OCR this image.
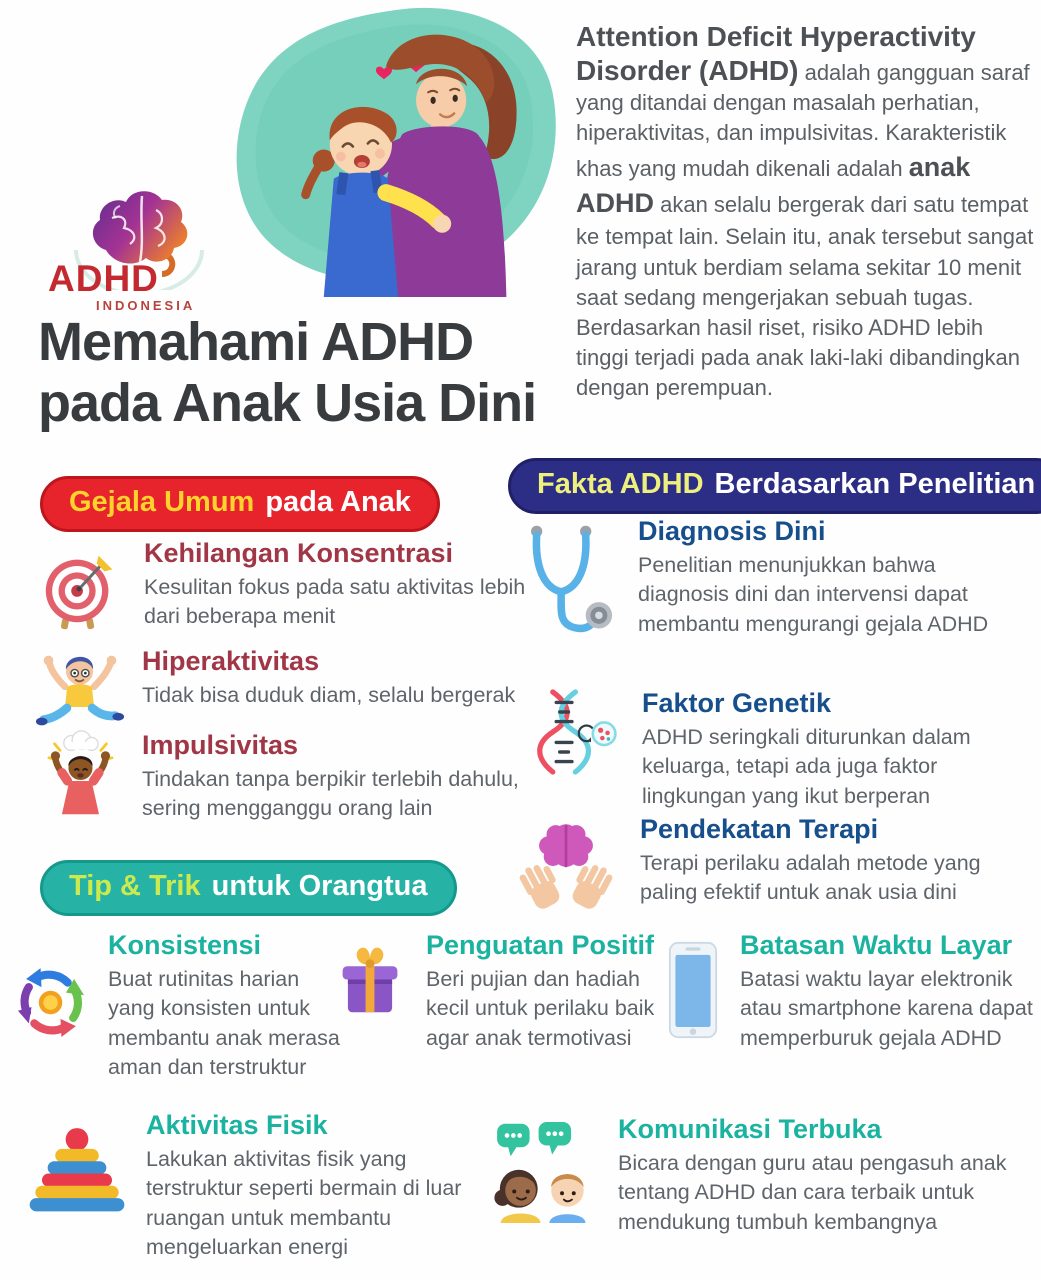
ADHD
INDONESIA

Attention Deficit Hyperactivity Disorder (ADHD) adalah gangguan saraf yang ditandai dengan masalah perhatian, hiperaktivitas, dan impulsivitas. Karakteristik khas yang mudah dikenali adalah anak ADHD akan selalu bergerak dari satu tempat ke tempat lain. Selain itu, anak tersebut sangat jarang untuk berdiam selama sekitar 10 menit saat sedang mengerjakan sebuah tugas. Berdasarkan hasil riset, risiko ADHD lebih tinggi terjadi pada anak laki-laki dibandingkan dengan perempuan.

Memahami ADHD
pada Anak Usia Dini
Gejala Umum pada Anak
Kehilangan Konsentrasi

Kesulitan fokus pada satu aktivitas lebih dari beberapa menit

Hiperaktivitas

Tidak bisa duduk diam, selalu bergerak

Impulsivitas

Tindakan tanpa berpikir terlebih dahulu, sering mengganggu orang lain

Fakta ADHD Berdasarkan Penelitian
Diagnosis Dini

Penelitian menunjukkan bahwa diagnosis dini dan intervensi dapat membantu mengurangi gejala ADHD

Faktor Genetik

ADHD seringkali diturunkan dalam keluarga, tetapi ada juga faktor lingkungan yang ikut berperan

Pendekatan Terapi

Terapi perilaku adalah metode yang paling efektif untuk anak usia dini

Tip & Trik untuk Orangtua
Konsistensi

Buat rutinitas harian yang konsisten untuk membantu anak merasa aman dan terstruktur

Penguatan Positif

Beri pujian dan hadiah kecil untuk perilaku baik agar anak termotivasi

Batasan Waktu Layar

Batasi waktu layar elektronik atau smartphone karena dapat memperburuk gejala ADHD

Aktivitas Fisik

Lakukan aktivitas fisik yang terstruktur seperti bermain di luar ruangan untuk membantu mengeluarkan energi

Komunikasi Terbuka

Bicara dengan guru atau pengasuh anak tentang ADHD dan cara terbaik untuk mendukung tumbuh kembangnya
